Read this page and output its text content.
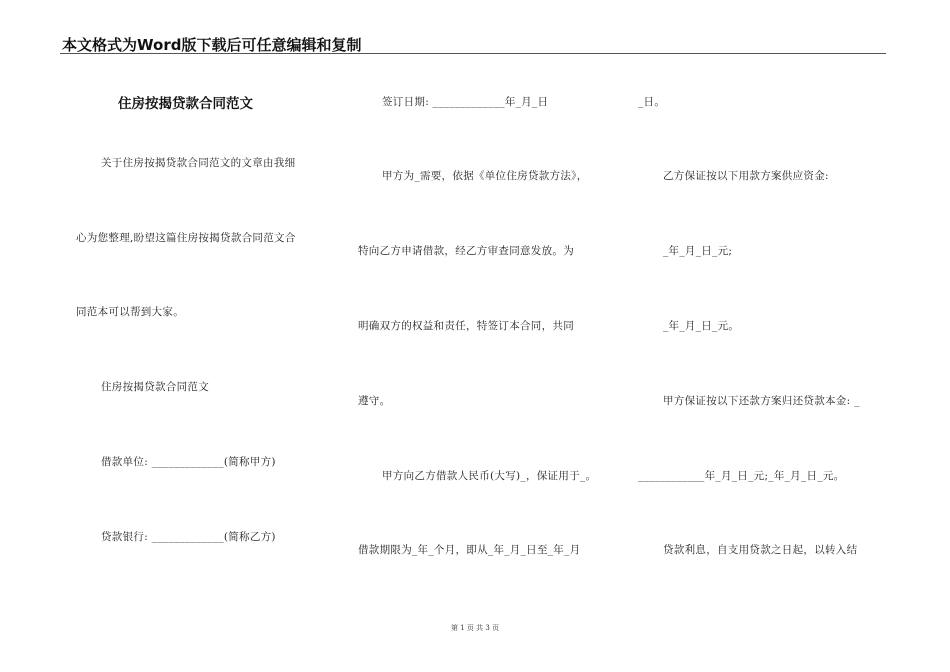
本文格式为Word版下载后可任意编辑和复制
住房按揭贷款合同范文
关于住房按揭贷款合同范文的文章由我细
心为您整理,盼望这篇住房按揭贷款合同范文合
同范本可以帮到大家。
住房按揭贷款合同范文
借款单位: _____________(简称甲方)
贷款银行: _____________(简称乙方)
签订日期: _____________年_月_日
甲方为_需要，依据《单位住房贷款方法》，
特向乙方申请借款，经乙方审查同意发放。为
明确双方的权益和责任，特签订本合同，共同
遵守。
甲方向乙方借款人民币(大写)_，保证用于_。
借款期限为_年_个月，即从_年_月_日至_年_月
_日。
乙方保证按以下用款方案供应资金:
_年_月_日_元;
_年_月_日_元。
甲方保证按以下还款方案归还贷款本金: _
____________年_月_日_元;_年_月_日_元。
贷款利息，自支用贷款之日起，以转入结
第 1 页 共 3 页
